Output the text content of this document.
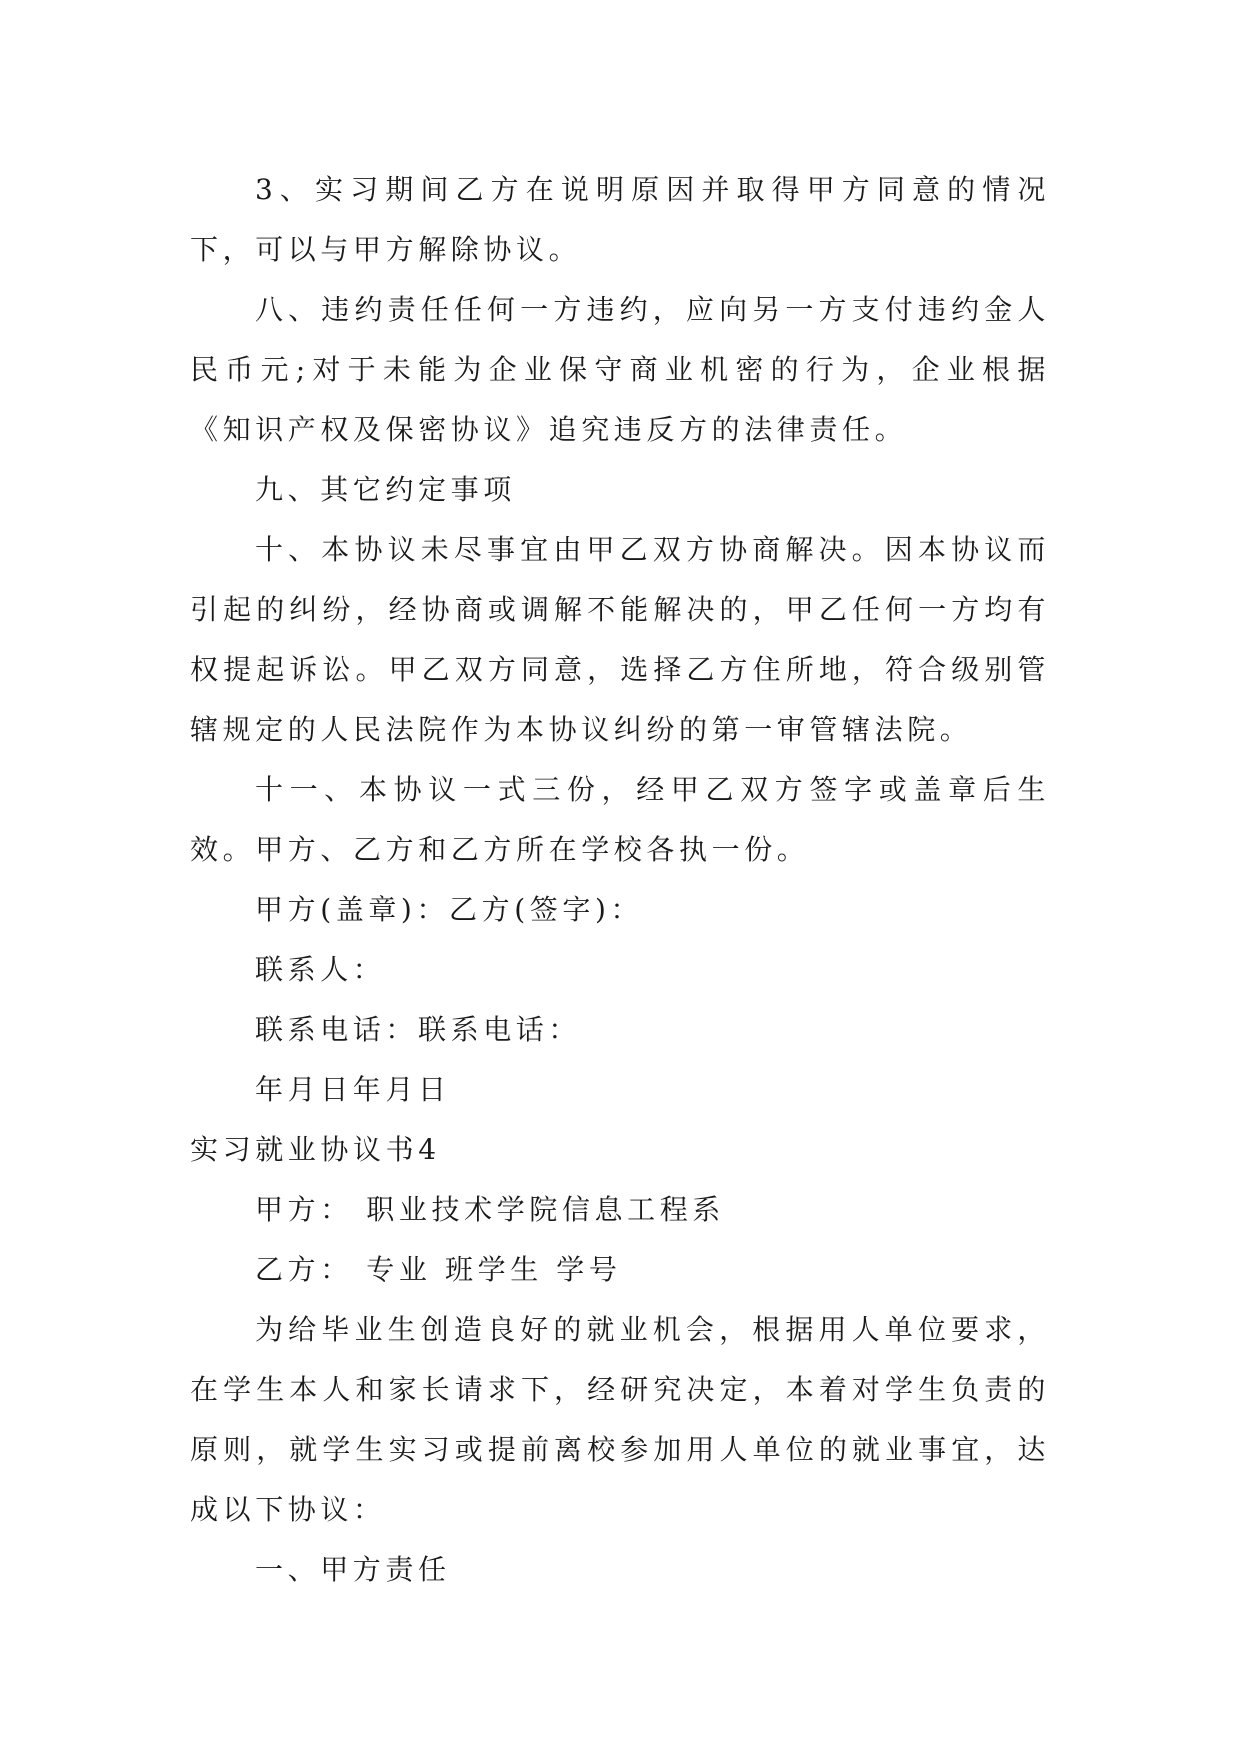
3、实习期间乙方在说明原因并取得甲方同意的情况下，可以与甲方解除协议。

八、违约责任任何一方违约，应向另一方支付违约金人民币元;对于未能为企业保守商业机密的行为，企业根据《知识产权及保密协议》追究违反方的法律责任。

九、其它约定事项

十、本协议未尽事宜由甲乙双方协商解决。因本协议而引起的纠纷，经协商或调解不能解决的，甲乙任何一方均有权提起诉讼。甲乙双方同意，选择乙方住所地，符合级别管辖规定的人民法院作为本协议纠纷的第一审管辖法院。

十一、本协议一式三份，经甲乙双方签字或盖章后生效。甲方、乙方和乙方所在学校各执一份。

甲方(盖章)：乙方(签字)：

联系人：

联系电话：联系电话：

年月日年月日

实习就业协议书4

甲方： 职业技术学院信息工程系

乙方： 专业 班学生 学号

为给毕业生创造良好的就业机会，根据用人单位要求，在学生本人和家长请求下，经研究决定，本着对学生负责的原则，就学生实习或提前离校参加用人单位的就业事宜，达成以下协议：

一、甲方责任
